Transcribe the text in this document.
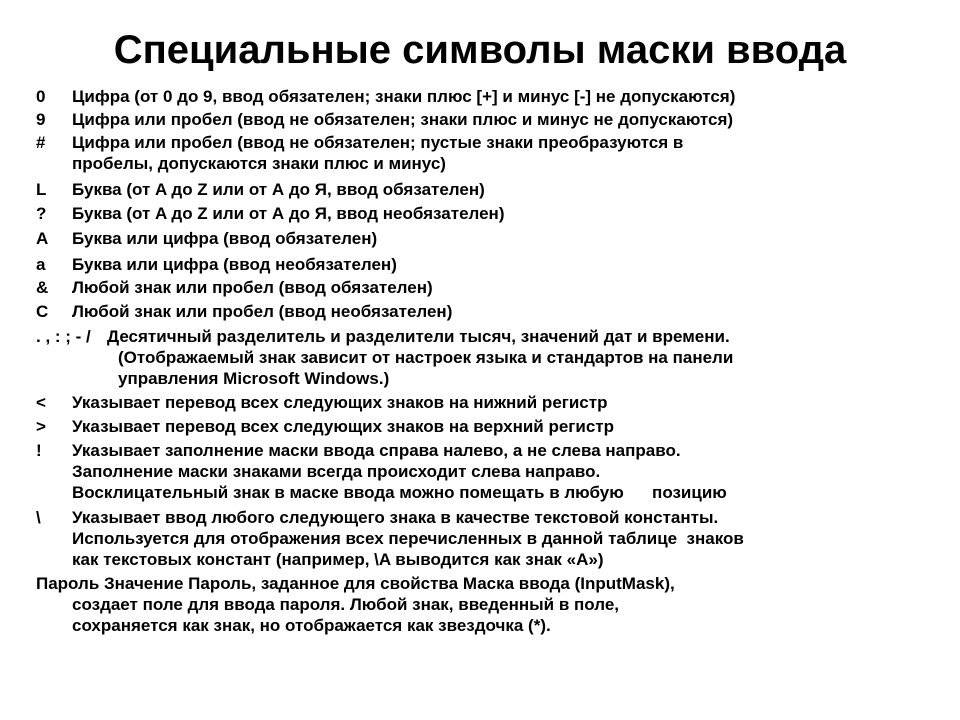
Специальные символы маски ввода
0 Цифра (от 0 до 9, ввод обязателен; знаки плюс [+] и минус [-] не допускаются)
9 Цифра или пробел (ввод не обязателен; знаки плюс и минус не допускаются)
# Цифра или пробел (ввод не обязателен; пустые знаки преобразуются в
пробелы, допускаются знаки плюс и минус)
L Буква (от A до Z или от А до Я, ввод обязателен)
? Буква (от A до Z или от А до Я, ввод необязателен)
A Буква или цифра (ввод обязателен)
a Буква или цифра (ввод необязателен)
& Любой знак или пробел (ввод обязателен)
C Любой знак или пробел (ввод необязателен)
. , : ; - / Десятичный разделитель и разделители тысяч, значений дат и времени.
(Отображаемый знак зависит от настроек языка и стандартов на панели
управления Microsoft Windows.)
< Указывает перевод всех следующих знаков на нижний регистр
> Указывает перевод всех следующих знаков на верхний регистр
! Указывает заполнение маски ввода справа налево, а не слева направо.
Заполнение маски знаками всегда происходит слева направо.
Восклицательный знак в маске ввода можно помещать в любую      позицию
\ Указывает ввод любого следующего знака в качестве текстовой константы.
Используется для отображения всех перечисленных в данной таблице  знаков
как текстовых констант (например, \A выводится как знак «A»)
Пароль Значение Пароль, заданное для свойства Маска ввода (InputMask),
создает поле для ввода пароля. Любой знак, введенный в поле,
сохраняется как знак, но отображается как звездочка (*).
